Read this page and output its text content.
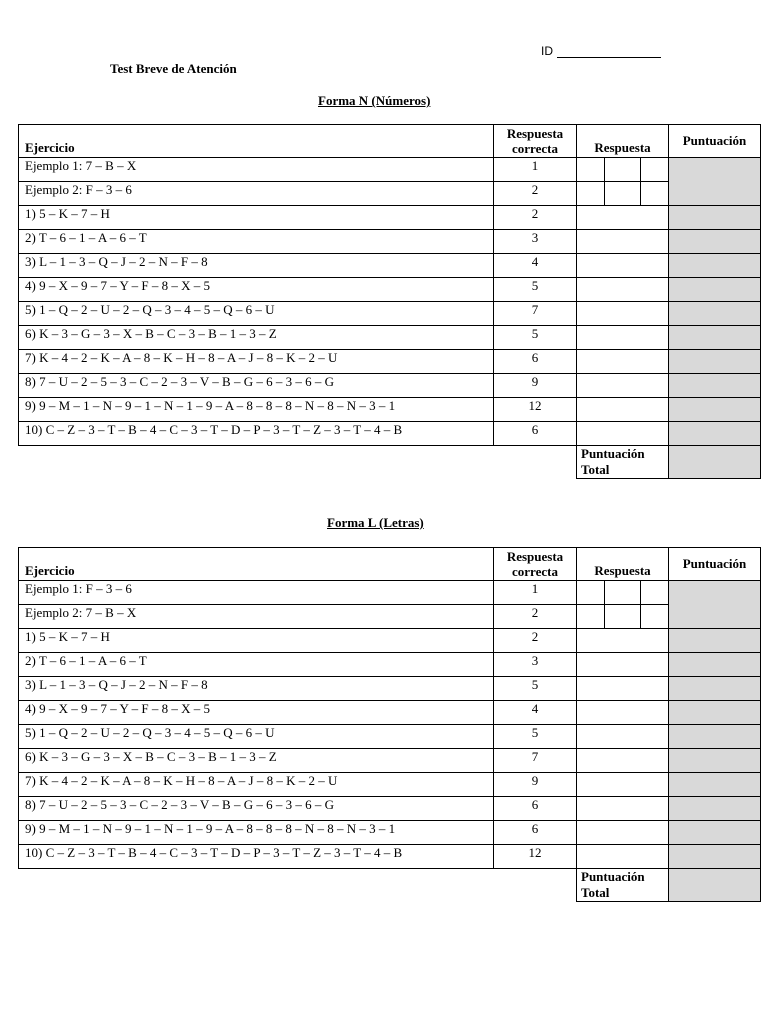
ID
Test Breve de Atención
Forma N (Números)
Ejercicio	Respuesta
correcta	Respuesta	Puntuación
Ejemplo 1: 7 – B – X	1	

Ejemplo 2: F – 3 – 6	2		

1) 5 – K – 7 – H	2		
2) T – 6 – 1 – A – 6 – T	3		
3) L – 1 – 3 – Q – J – 2 – N – F – 8	4		
4) 9 – X – 9 – 7 – Y – F – 8 – X – 5	5		
5) 1 – Q – 2 – U – 2 – Q – 3 – 4 – 5 – Q – 6 – U	7		
6) K – 3 – G – 3 – X – B – C – 3 – B – 1 – 3 – Z	5		
7) K – 4 – 2 – K – A – 8 – K – H – 8 – A – J – 8 – K – 2 – U	6		
8) 7 – U – 2 – 5 – 3 – C – 2 – 3 – V – B – G – 6 – 3 – 6 – G	9		
9) 9 – M – 1 – N – 9 – 1 – N – 1 – 9 – A – 8 – 8 – 8 – N – 8 – N – 3 – 1	12		
10) C – Z – 3 – T – B – 4 – C – 3 – T – D – P – 3 – T – Z – 3 – T – 4 – B	6		

		Puntuación
Total	

Forma L (Letras)
Ejercicio	Respuesta
correcta	Respuesta	Puntuación
Ejemplo 1: F – 3 – 6	1	

Ejemplo 2: 7 – B – X	2		

1) 5 – K – 7 – H	2		
2) T – 6 – 1 – A – 6 – T	3		
3) L – 1 – 3 – Q – J – 2 – N – F – 8	5		
4) 9 – X – 9 – 7 – Y – F – 8 – X – 5	4		
5) 1 – Q – 2 – U – 2 – Q – 3 – 4 – 5 – Q – 6 – U	5		
6) K – 3 – G – 3 – X – B – C – 3 – B – 1 – 3 – Z	7		
7) K – 4 – 2 – K – A – 8 – K – H – 8 – A – J – 8 – K – 2 – U	9		
8) 7 – U – 2 – 5 – 3 – C – 2 – 3 – V – B – G – 6 – 3 – 6 – G	6		
9) 9 – M – 1 – N – 9 – 1 – N – 1 – 9 – A – 8 – 8 – 8 – N – 8 – N – 3 – 1	6		
10) C – Z – 3 – T – B – 4 – C – 3 – T – D – P – 3 – T – Z – 3 – T – 4 – B	12		

		Puntuación
Total	
